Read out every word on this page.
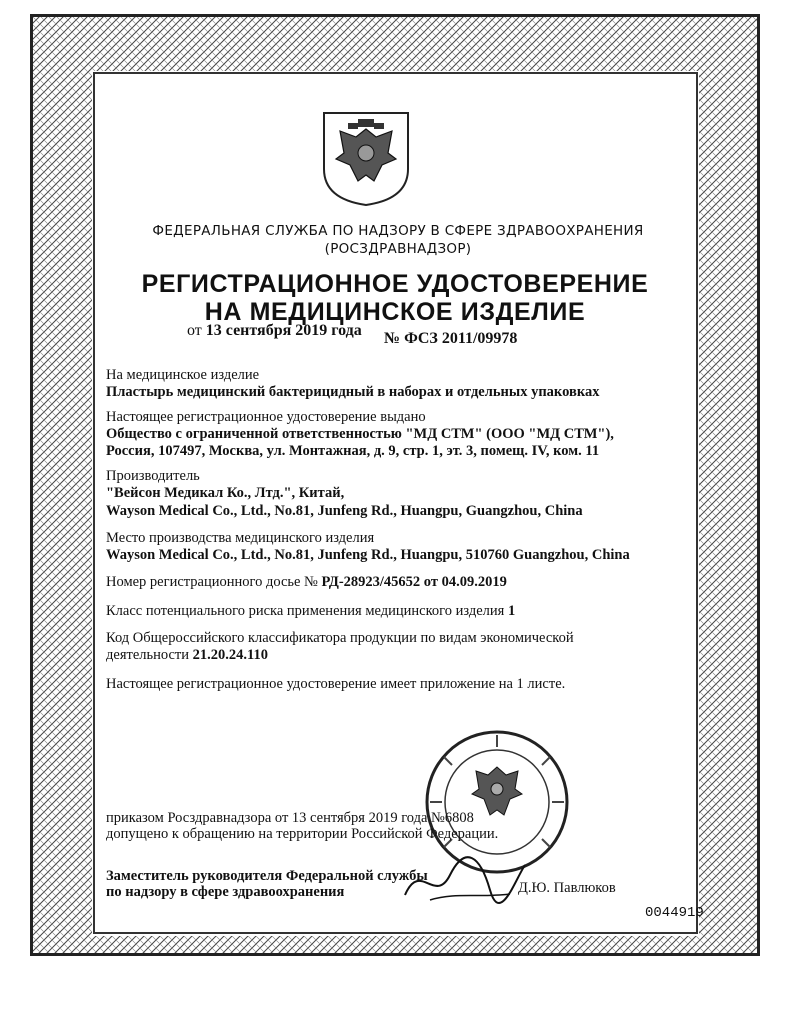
ФЕДЕРАЛЬНАЯ СЛУЖБА ПО НАДЗОРУ В СФЕРЕ ЗДРАВООХРАНЕНИЯ
(РОСЗДРАВНАДЗОР)
РЕГИСТРАЦИОННОЕ УДОСТОВЕРЕНИЕ
НА МЕДИЦИНСКОЕ ИЗДЕЛИЕ
от 13 сентября 2019 года № ФСЗ 2011/09978
На медицинское изделие
Пластырь медицинский бактерицидный в наборах и отдельных упаковках
Настоящее регистрационное удостоверение выдано
Общество с ограниченной ответственностью "МД СТМ" (ООО "МД СТМ"),
Россия, 107497, Москва, ул. Монтажная, д. 9, стр. 1, эт. 3, помещ. IV, ком. 11
Производитель
"Вейсон Медикал Ко., Лтд.", Китай,
Wayson Medical Co., Ltd., No.81, Junfeng Rd., Huangpu, Guangzhou, China
Место производства медицинского изделия
Wayson Medical Co., Ltd., No.81, Junfeng Rd., Huangpu, 510760 Guangzhou, China
Номер регистрационного досье № РД-28923/45652 от 04.09.2019
Класс потенциального риска применения медицинского изделия 1
Код Общероссийского классификатора продукции по видам экономической
деятельности 21.20.24.110
Настоящее регистрационное удостоверение имеет приложение на 1 листе.
приказом Росздравнадзора от 13 сентября 2019 года №6808
допущено к обращению на территории Российской Федерации.
Заместитель руководителя Федеральной службы
по надзору в сфере здравоохранения	Д.Ю. Павлюков
0044919
